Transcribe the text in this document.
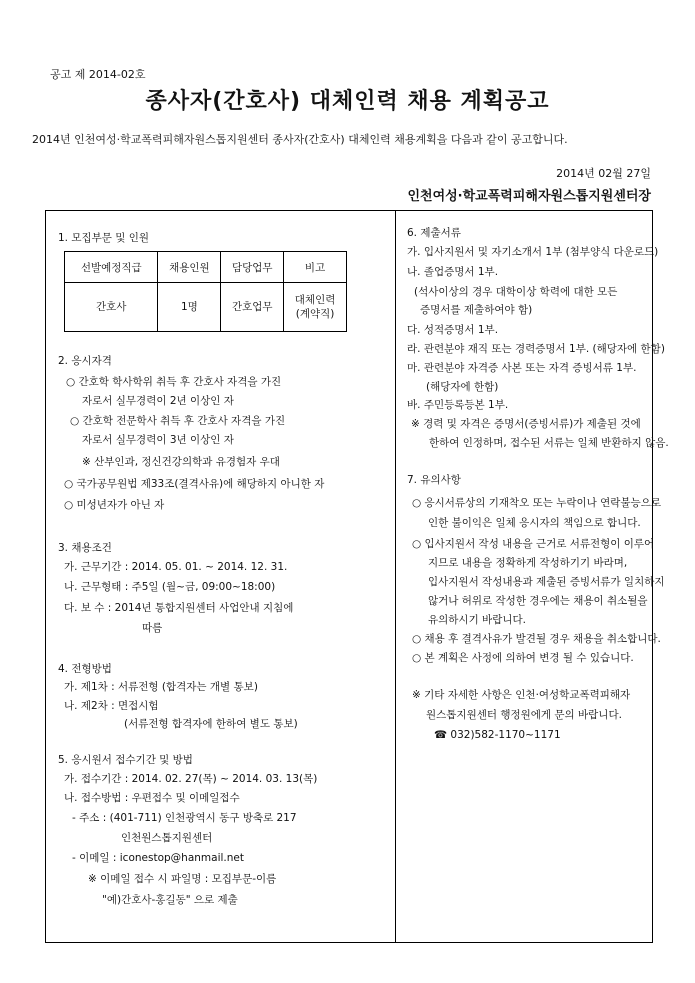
공고 제 2014-02호
종사자(간호사) 대체인력 채용 계획공고
2014년 인천여성·학교폭력피해자원스톱지원센터 종사자(간호사) 대체인력 채용계획을 다음과 같이 공고합니다.
2014년 02월 27일
인천여성·학교폭력피해자원스톱지원센터장
1. 모집부문 및 인원
선발예정직급	채용인원	담당업무	비고
간호사	1명	간호업무	대체인력
(계약직)
2. 응시자격
○ 간호학 학사학위 취득 후 간호사 자격을 가진
자로서 실무경력이 2년 이상인 자
○ 간호학 전문학사 취득 후 간호사 자격을 가진
자로서 실무경력이 3년 이상인 자
※ 산부인과, 정신건강의학과 유경험자 우대
○ 국가공무원법 제33조(결격사유)에 해당하지 아니한 자
○ 미성년자가 아닌 자
3. 채용조건
가. 근무기간 : 2014. 05. 01. ~ 2014. 12. 31.
나. 근무형태 : 주5일 (월~금, 09:00~18:00)
다. 보 수 : 2014년 통합지원센터 사업안내 지침에
따름
4. 전형방법
가. 제1차 : 서류전형 (합격자는 개별 통보)
나. 제2차 : 면접시험
(서류전형 합격자에 한하여 별도 통보)
5. 응시원서 접수기간 및 방법
가. 접수기간 : 2014. 02. 27(목) ~ 2014. 03. 13(목)
나. 접수방법 : 우편접수 및 이메일접수
- 주소 : (401-711) 인천광역시 동구 방축로 217
인천원스톱지원센터
- 이메일 : iconestop@hanmail.net
※ 이메일 접수 시 파일명 : 모집부문-이름
"예)간호사-홍길동" 으로 제출
6. 제출서류
가. 입사지원서 및 자기소개서 1부 (첨부양식 다운로드)
나. 졸업증명서 1부.
(석사이상의 경우 대학이상 학력에 대한 모든
증명서를 제출하여야 함)
다. 성적증명서 1부.
라. 관련분야 재직 또는 경력증명서 1부. (해당자에 한함)
마. 관련분야 자격증 사본 또는 자격 증빙서류 1부.
(해당자에 한함)
바. 주민등록등본 1부.
※ 경력 및 자격은 증명서(증빙서류)가 제출된 것에
한하여 인정하며, 접수된 서류는 일체 반환하지 않음.
7. 유의사항
○ 응시서류상의 기재착오 또는 누락이나 연락불능으로
인한 불이익은 일체 응시자의 책임으로 합니다.
○ 입사지원서 작성 내용을 근거로 서류전형이 이루어
지므로 내용을 정확하게 작성하기기 바라며,
입사지원서 작성내용과 제출된 증빙서류가 일치하지
않거나 허위로 작성한 경우에는 채용이 취소될을
유의하시기 바랍니다.
○ 채용 후 결격사유가 발견될 경우 채용을 취소합니다.
○ 본 계획은 사정에 의하여 변경 될 수 있습니다.
※ 기타 자세한 사항은 인천·여성학교폭력피해자
원스톱지원센터 행정원에게 문의 바랍니다.
☎ 032)582-1170~1171
